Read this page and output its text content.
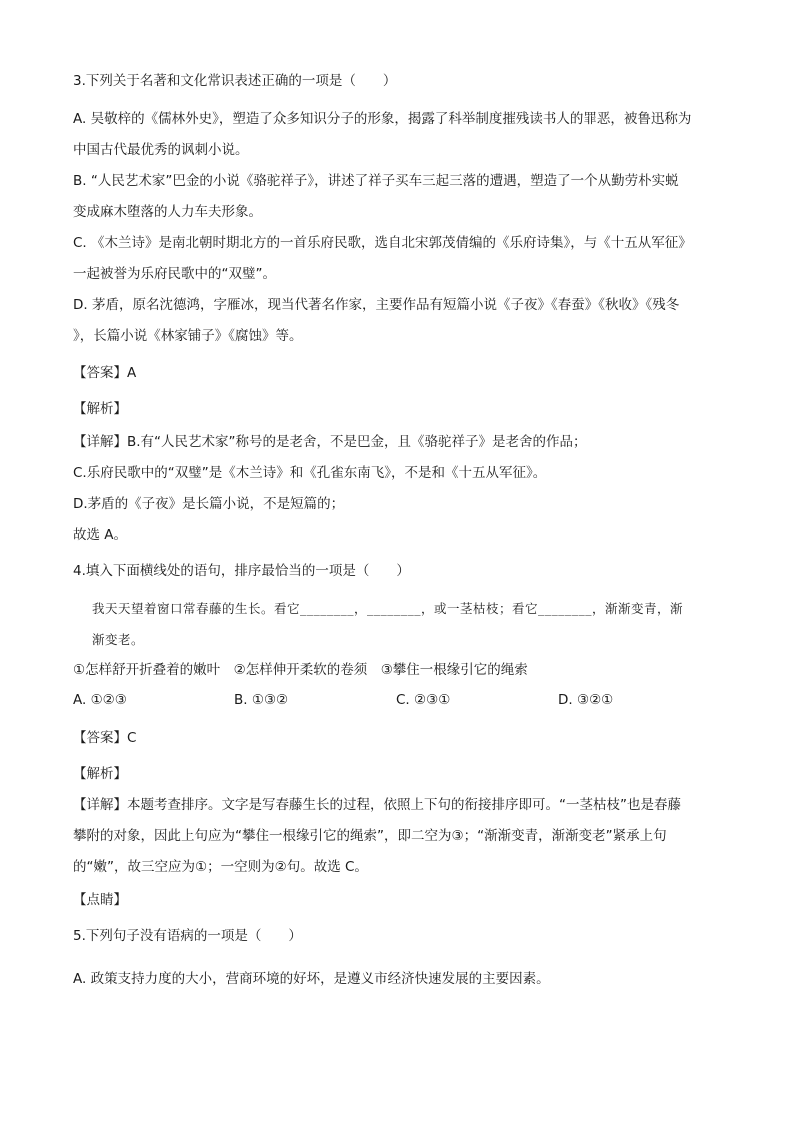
3.下列关于名著和文化常识表述正确的一项是（　　）
A. 吴敬梓的《儒林外史》，塑造了众多知识分子的形象，揭露了科举制度摧残读书人的罪恶，被鲁迅称为
中国古代最优秀的讽刺小说。
B. “人民艺术家”巴金的小说《骆驼祥子》，讲述了祥子买车三起三落的遭遇，塑造了一个从勤劳朴实蜕
变成麻木堕落的人力车夫形象。
C. 《木兰诗》是南北朝时期北方的一首乐府民歌，选自北宋郭茂倩编的《乐府诗集》，与《十五从军征》
一起被誉为乐府民歌中的“双璧”。
D. 茅盾，原名沈德鸿，字雁冰，现当代著名作家，主要作品有短篇小说《子夜》《春蚕》《秋收》《残冬
》，长篇小说《林家铺子》《腐蚀》等。
【答案】A
【解析】
【详解】B.有“人民艺术家”称号的是老舍，不是巴金，且《骆驼祥子》是老舍的作品；
C.乐府民歌中的“双璧”是《木兰诗》和《孔雀东南飞》，不是和《十五从军征》。
D.茅盾的《子夜》是长篇小说，不是短篇的；
故选 A。
4.填入下面横线处的语句，排序最恰当的一项是（　　）
我天天望着窗口常春藤的生长。看它________，________，或一茎枯枝；看它________，渐渐变青，渐
渐变老。
①怎样舒开折叠着的嫩叶　②怎样伸开柔软的卷须　③攀住一根缘引它的绳索
A. ①②③	B. ①③②	C. ②③①	D. ③②①
【答案】C
【解析】
【详解】本题考查排序。文字是写春藤生长的过程，依照上下句的衔接排序即可。“一茎枯枝”也是春藤
攀附的对象，因此上句应为“攀住一根缘引它的绳索”，即二空为③；“渐渐变青，渐渐变老”紧承上句
的“嫩”，故三空应为①；一空则为②句。故选 C。
【点睛】
5.下列句子没有语病的一项是（　　）
A. 政策支持力度的大小，营商环境的好坏，是遵义市经济快速发展的主要因素。
